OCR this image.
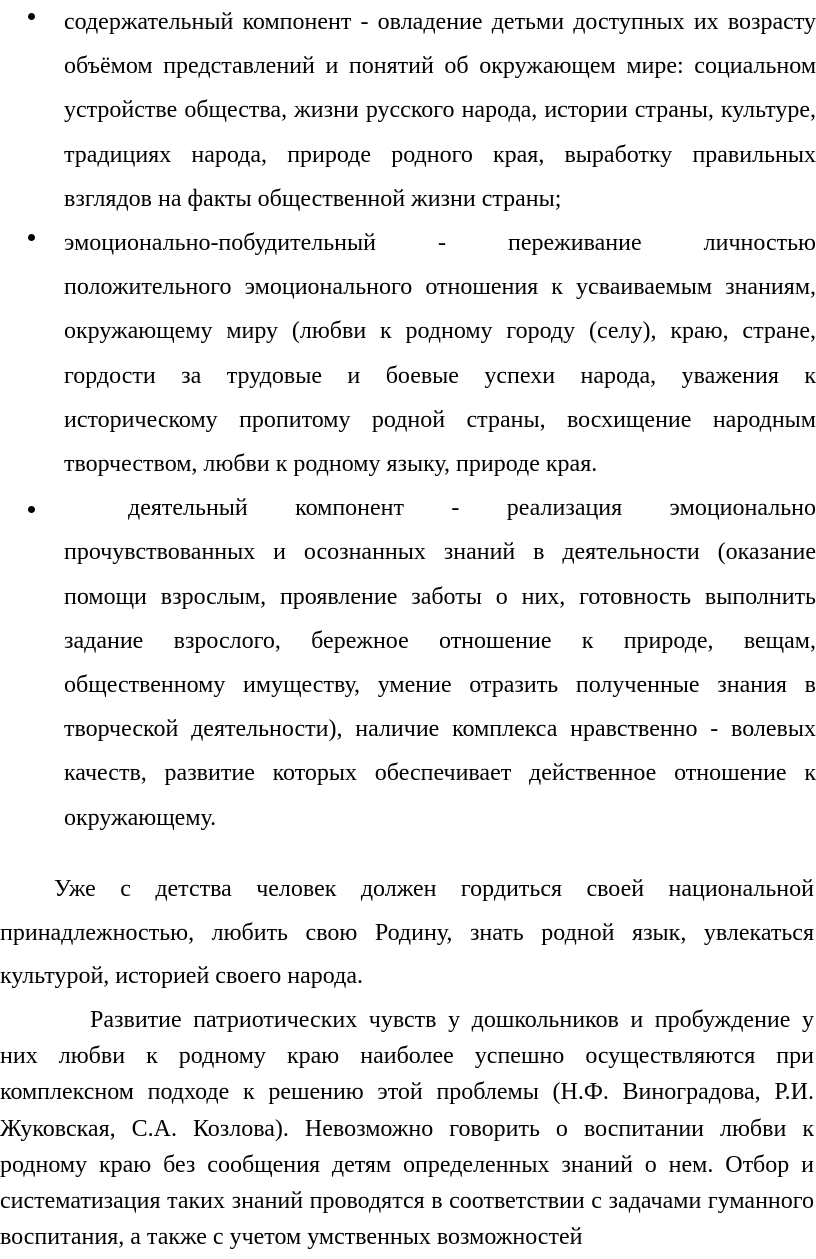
содержательный компонент - овладение детьми доступных их возрасту объёмом представлений и понятий об окружающем мире: социальном устройстве общества, жизни русского народа, истории страны, культуре, традициях народа, природе родного края, выработку правильных взглядов на факты общественной жизни страны;
эмоционально-побудительный - переживание личностью положительного эмоционального отношения к усваиваемым знаниям, окружающему миру (любви к родному городу (селу), краю, стране, гордости за трудовые и боевые успехи народа, уважения к историческому пропитому родной страны, восхищение народным творчеством, любви к родному языку, природе края.
деятельный компонент - реализация эмоционально прочувствованных и осознанных знаний в деятельности (оказание помощи взрослым, проявление заботы о них, готовность выполнить задание взрослого, бережное отношение к природе, вещам, общественному имуществу, умение отразить полученные знания в творческой деятельности), наличие комплекса нравственно - волевых качеств, развитие которых обеспечивает действенное отношение к окружающему.

Уже с детства человек должен гордиться своей национальной принадлежностью, любить свою Родину, знать родной язык, увлекаться культурой, историей своего народа.

Развитие патриотических чувств у дошкольников и пробуждение у них любви к родному краю наиболее успешно осуществляются при комплексном подходе к решению этой проблемы (Н.Ф. Виноградова, Р.И. Жуковская, С.А. Козлова). Невозможно говорить о воспитании любви к родному краю без сообщения детям определенных знаний о нем. Отбор и систематизация таких знаний проводятся в соответствии с задачами гуманного воспитания, а также с учетом умственных возможностей
